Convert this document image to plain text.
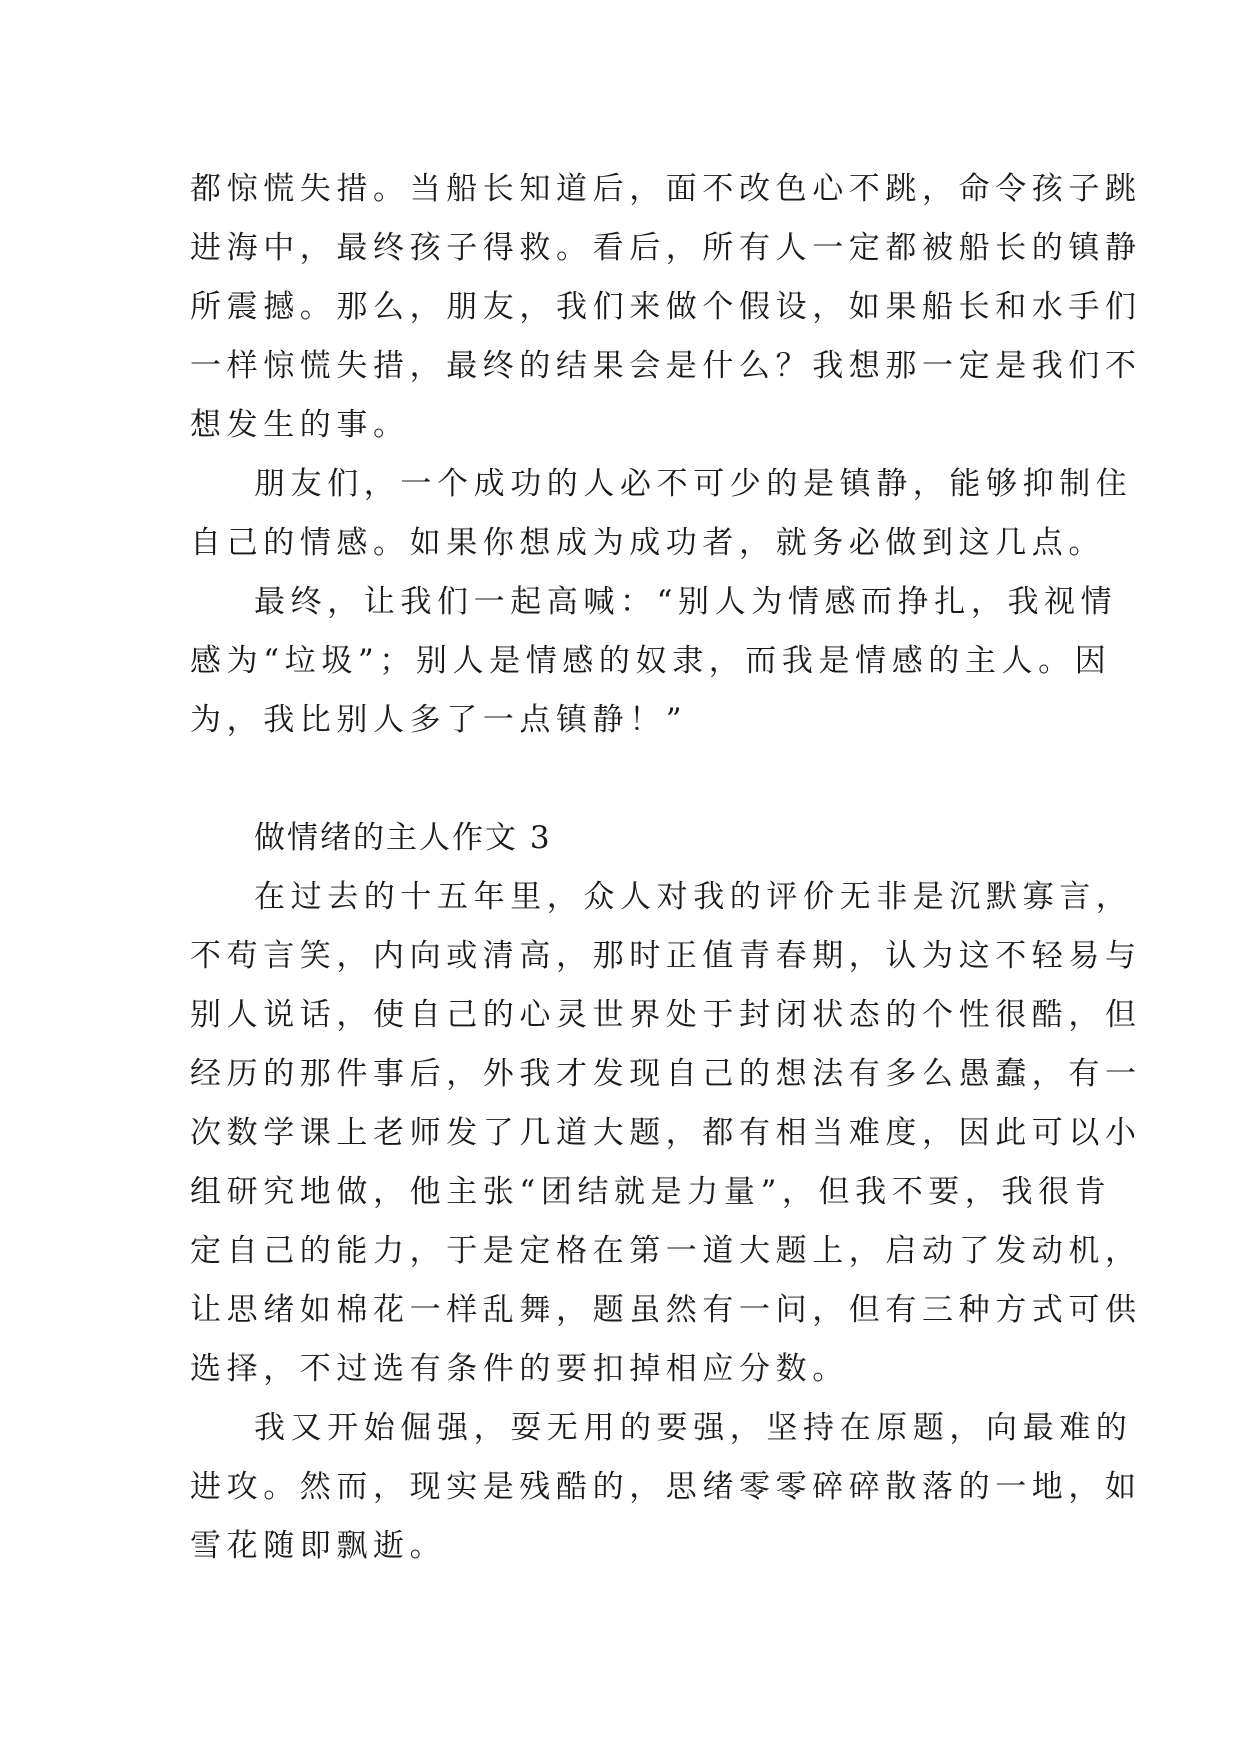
都惊慌失措。当船长知道后，面不改色心不跳，命令孩子跳
进海中，最终孩子得救。看后，所有人一定都被船长的镇静
所震撼。那么，朋友，我们来做个假设，如果船长和水手们
一样惊慌失措，最终的结果会是什么？我想那一定是我们不
想发生的事。
朋友们，一个成功的人必不可少的是镇静，能够抑制住
自己的情感。如果你想成为成功者，就务必做到这几点。
最终，让我们一起高喊：“别人为情感而挣扎，我视情
感为“垃圾”；别人是情感的奴隶，而我是情感的主人。因
为，我比别人多了一点镇静！”
做情绪的主人作文 3
在过去的十五年里，众人对我的评价无非是沉默寡言，
不苟言笑，内向或清高，那时正值青春期，认为这不轻易与
别人说话，使自己的心灵世界处于封闭状态的个性很酷，但
经历的那件事后，外我才发现自己的想法有多么愚蠢，有一
次数学课上老师发了几道大题，都有相当难度，因此可以小
组研究地做，他主张“团结就是力量”，但我不要，我很肯
定自己的能力，于是定格在第一道大题上，启动了发动机，
让思绪如棉花一样乱舞，题虽然有一问，但有三种方式可供
选择，不过选有条件的要扣掉相应分数。
我又开始倔强，耍无用的要强，坚持在原题，向最难的
进攻。然而，现实是残酷的，思绪零零碎碎散落的一地，如
雪花随即飘逝。
